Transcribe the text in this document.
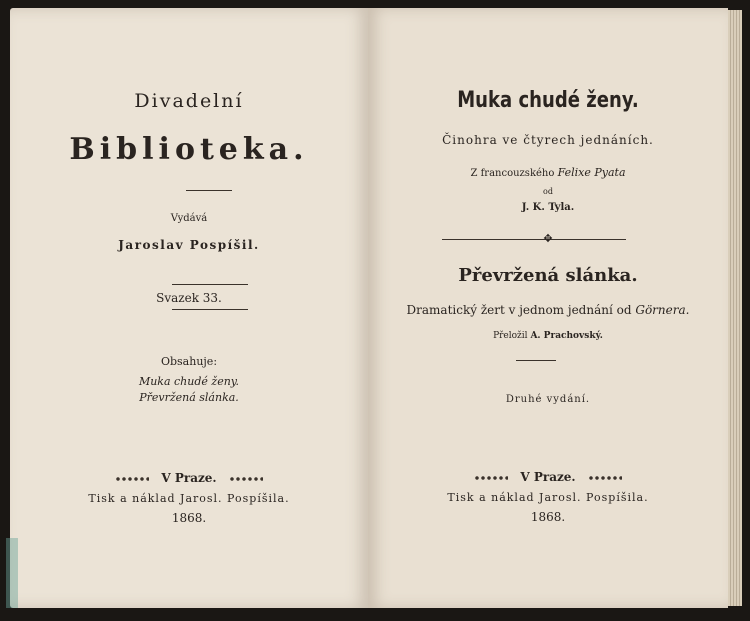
Divadelní
Biblioteka.
Vydává
Jaroslav Pospíšil.
Svazek 33.
Obsahuje:
Muka chudé ženy.
Převržená slánka.
V Praze.
Tisk a náklad Jarosl. Pospíšila.
1868.
Muka chudé ženy.
Činohra ve čtyrech jednáních.
Z francouzského Felixe Pyata
od
J. K. Tyla.
✥
Převržená slánka.
Dramatický žert v jednom jednání od Görnera.
Přeložil A. Prachovský.
Druhé vydání.
V Praze.
Tisk a náklad Jarosl. Pospíšila.
1868.
